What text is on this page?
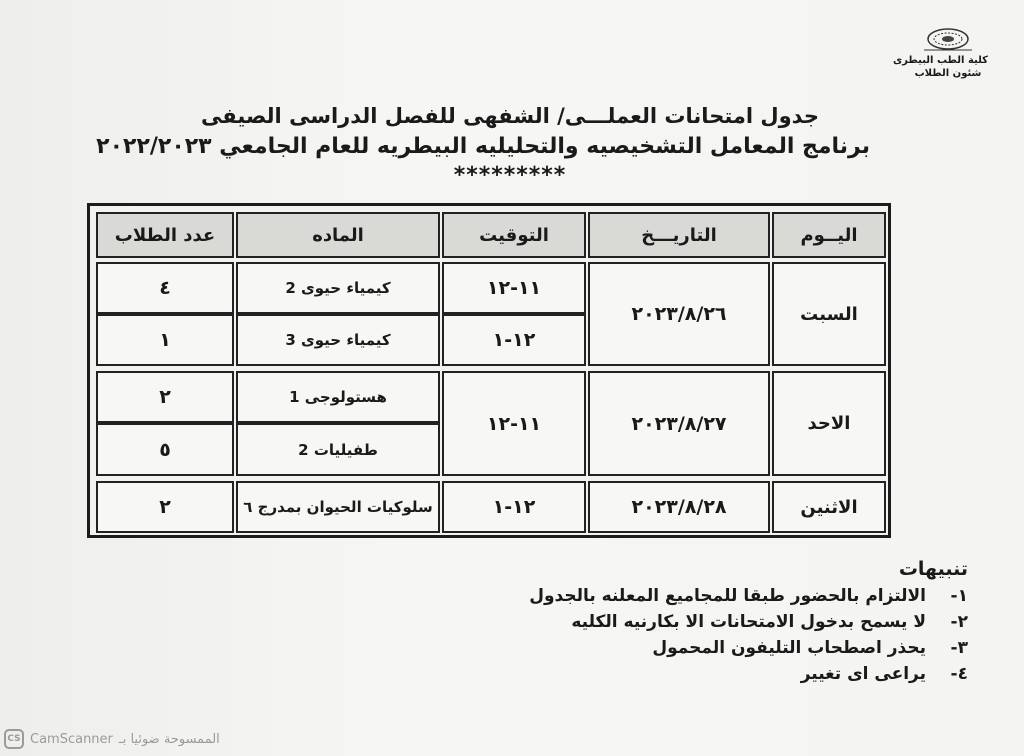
كلية الطب البيطرى
شئون الطلاب
جدول امتحانات العملـــى/ الشفهى للفصل الدراسى الصيفى
برنامج المعامل التشخيصيه والتحليليه البيطريه للعام الجامعي ٢٠٢٢/٢٠٢٣
*********
اليــوم
التاريـــخ
التوقيت
الماده
عدد الطلاب
السبت
٢٠٢٣/٨/٢٦
١١-١٢
كيمياء حيوى 2
٤
١٢-١
كيمياء حيوى 3
١
الاحد
٢٠٢٣/٨/٢٧
١١-١٢
هستولوجى 1
٢
طفيليات 2
٥
الاثنين
٢٠٢٣/٨/٢٨
١٢-١
سلوكيات الحيوان بمدرج ٦
٢
تنبيهات
١-الالتزام بالحضور طبقا للمجاميع المعلنه بالجدول
٢-لا يسمح بدخول الامتحانات الا بكارنيه الكليه
٣-يحذر اصطحاب التليفون المحمول
٤-يراعى اى تغيير
CS CamScanner الممسوحة ضوئيا بـ
